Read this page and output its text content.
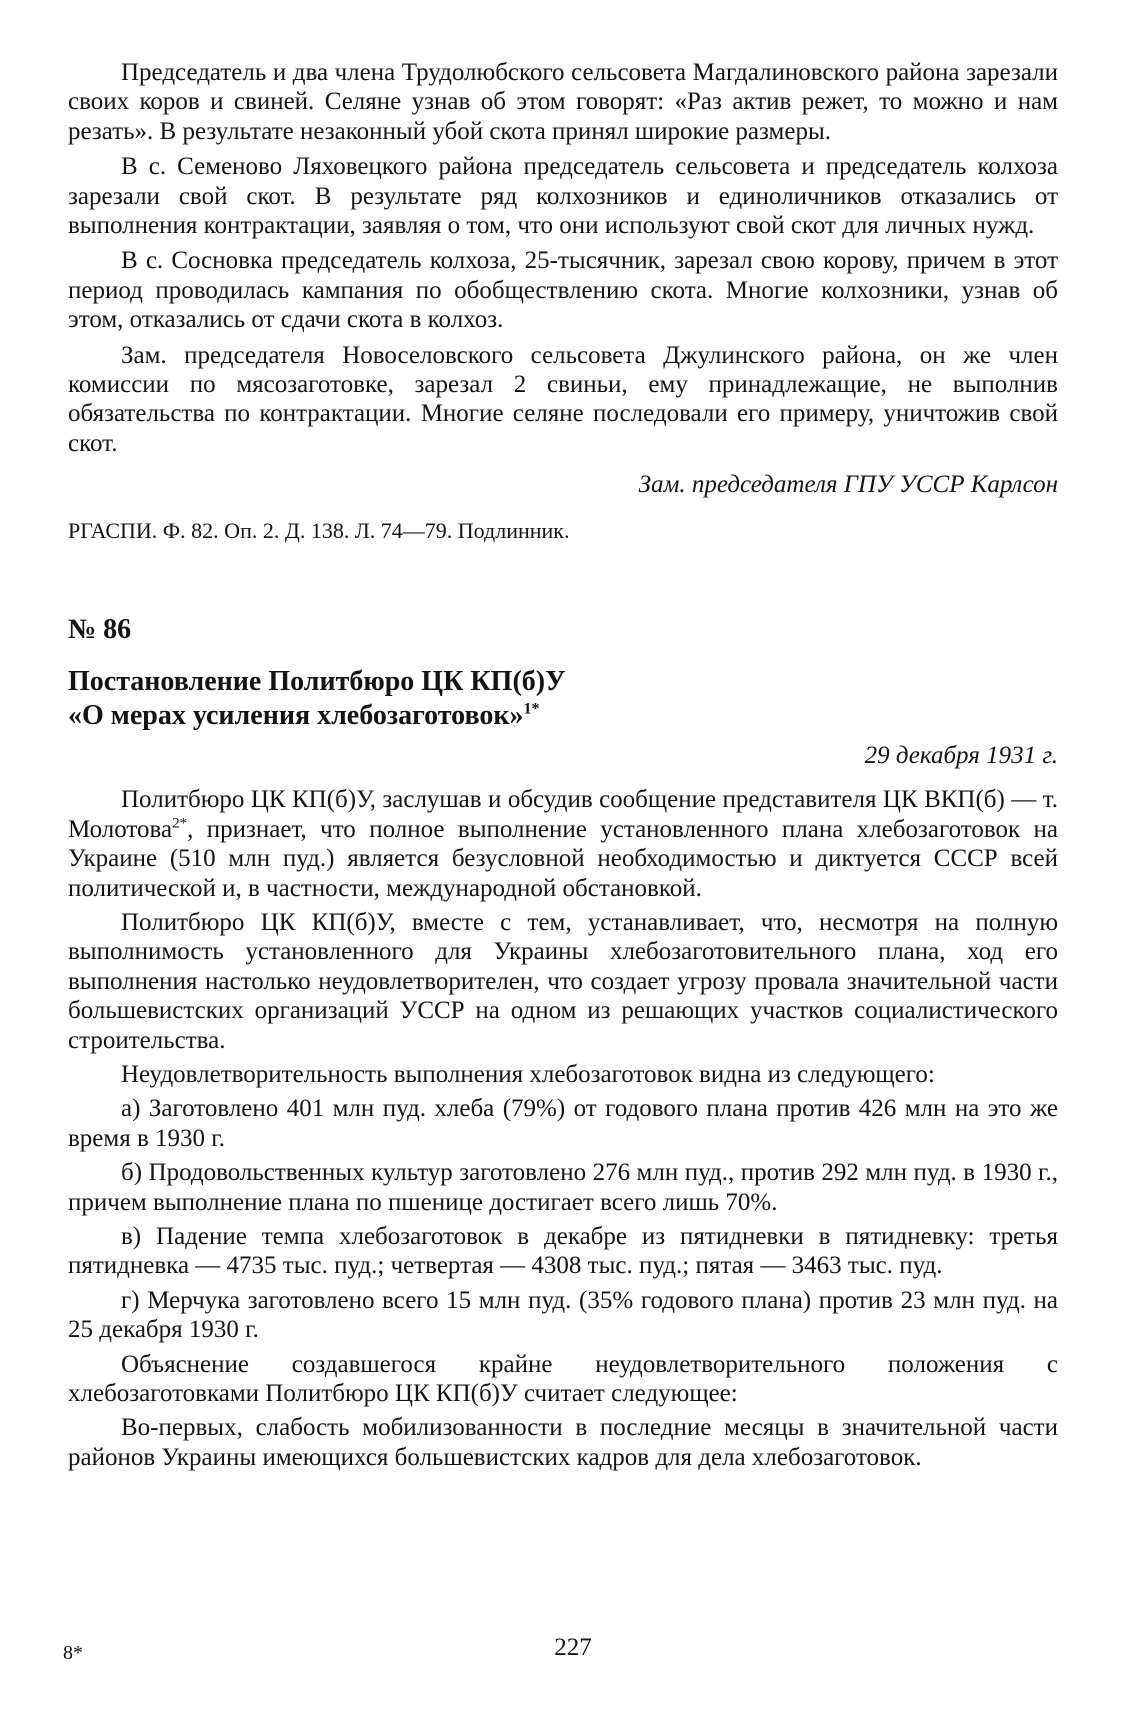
Председатель и два члена Трудолюбского сельсовета Магдалиновского района зарезали своих коров и свиней. Селяне узнав об этом говорят: «Раз актив режет, то можно и нам резать». В результате незаконный убой скота принял широкие размеры.

В с. Семеново Ляховецкого района председатель сельсовета и председатель колхоза зарезали свой скот. В результате ряд колхозников и единоличников отказались от выполнения контрактации, заявляя о том, что они используют свой скот для личных нужд.

В с. Сосновка председатель колхоза, 25-тысячник, зарезал свою корову, причем в этот период проводилась кампания по обобществлению скота. Многие колхозники, узнав об этом, отказались от сдачи скота в колхоз.

Зам. председателя Новоселовского сельсовета Джулинского района, он же член комиссии по мясозаготовке, зарезал 2 свиньи, ему принадлежащие, не выполнив обязательства по контрактации. Многие селяне последовали его примеру, уничтожив свой скот.

Зам. председателя ГПУ УССР Карлсон
РГАСПИ. Ф. 82. Оп. 2. Д. 138. Л. 74—79. Подлинник.
№ 86
Постановление Политбюро ЦК КП(б)У
«О мерах усиления хлебозаготовок»$^{1*}$
29 декабря 1931 г.

Политбюро ЦК КП(б)У, заслушав и обсудив сообщение представителя ЦК ВКП(б) — т. Молотова$^{2*}$, признает, что полное выполнение установленного плана хлебозаготовок на Украине (510 млн пуд.) является безусловной необходимостью и диктуется СССР всей политической и, в частности, международной обстановкой.

Политбюро ЦК КП(б)У, вместе с тем, устанавливает, что, несмотря на полную выполнимость установленного для Украины хлебозаготовительного плана, ход его выполнения настолько неудовлетворителен, что создает угрозу провала значительной части большевистских организаций УССР на одном из решающих участков социалистического строительства.

Неудовлетворительность выполнения хлебозаготовок видна из следующего:

а) Заготовлено 401 млн пуд. хлеба (79%) от годового плана против 426 млн на это же время в 1930 г.

б) Продовольственных культур заготовлено 276 млн пуд., против 292 млн пуд. в 1930 г., причем выполнение плана по пшенице достигает всего лишь 70%.

в) Падение темпа хлебозаготовок в декабре из пятидневки в пятидневку: третья пятидневка — 4735 тыс. пуд.; четвертая — 4308 тыс. пуд.; пятая — 3463 тыс. пуд.

г) Мерчука заготовлено всего 15 млн пуд. (35% годового плана) против 23 млн пуд. на 25 декабря 1930 г.

Объяснение создавшегося крайне неудовлетворительного положения с хлебозаготовками Политбюро ЦК КП(б)У считает следующее:

Во-первых, слабость мобилизованности в последние месяцы в значительной части районов Украины имеющихся большевистских кадров для дела хлебозаготовок.

8*	227
